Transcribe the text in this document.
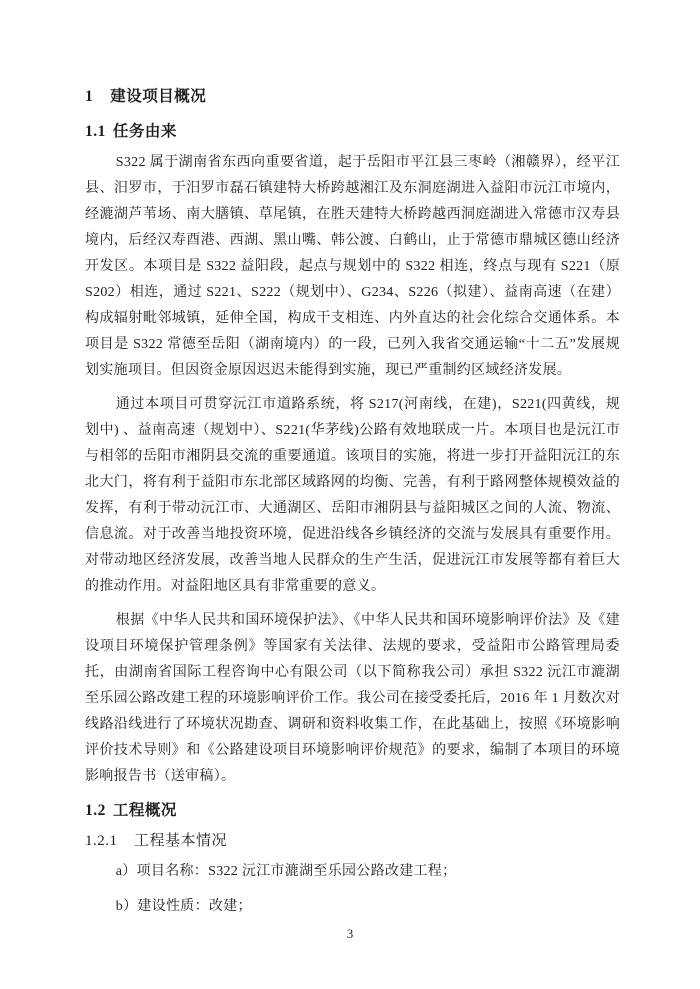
1 建设项目概况
1.1 任务由来

S322 属于湖南省东西向重要省道，起于岳阳市平江县三枣岭（湘赣界），经平江县、汨罗市，于汨罗市磊石镇建特大桥跨越湘江及东洞庭湖进入益阳市沅江市境内，经漉湖芦苇场、南大膳镇、草尾镇，在胜天建特大桥跨越西洞庭湖进入常德市汉寿县境内，后经汉寿酉港、西湖、黑山嘴、韩公渡、白鹤山，止于常德市鼎城区德山经济开发区。本项目是 S322 益阳段，起点与规划中的 S322 相连，终点与现有 S221（原S202）相连，通过 S221、S222（规划中）、G234、S226（拟建）、益南高速（在建）构成辐射毗邻城镇，延伸全国，构成干支相连、内外直达的社会化综合交通体系。本项目是 S322 常德至岳阳（湖南境内）的一段，已列入我省交通运输“十二五”发展规划实施项目。但因资金原因迟迟未能得到实施，现已严重制约区域经济发展。

通过本项目可贯穿沅江市道路系统，将 S217(河南线，在建)，S221(四黄线，规划中) 、益南高速（规划中）、S221(华茅线)公路有效地联成一片。本项目也是沅江市与相邻的岳阳市湘阴县交流的重要通道。该项目的实施，将进一步打开益阳沅江的东北大门，将有利于益阳市东北部区域路网的均衡、完善，有利于路网整体规模效益的发挥，有利于带动沅江市、大通湖区、岳阳市湘阴县与益阳城区之间的人流、物流、信息流。对于改善当地投资环境，促进沿线各乡镇经济的交流与发展具有重要作用。对带动地区经济发展，改善当地人民群众的生产生活，促进沅江市发展等都有着巨大的推动作用。对益阳地区具有非常重要的意义。

根据《中华人民共和国环境保护法》、《中华人民共和国环境影响评价法》及《建设项目环境保护管理条例》等国家有关法律、法规的要求，受益阳市公路管理局委托，由湖南省国际工程咨询中心有限公司（以下简称我公司）承担 S322 沅江市漉湖至乐园公路改建工程的环境影响评价工作。我公司在接受委托后，2016 年 1 月数次对线路沿线进行了环境状况勘查、调研和资料收集工作，在此基础上，按照《环境影响评价技术导则》和《公路建设项目环境影响评价规范》的要求，编制了本项目的环境影响报告书（送审稿）。

1.2 工程概况
1.2.1 工程基本情况
a）项目名称：S322 沅江市漉湖至乐园公路改建工程；
b）建设性质：改建；
3
